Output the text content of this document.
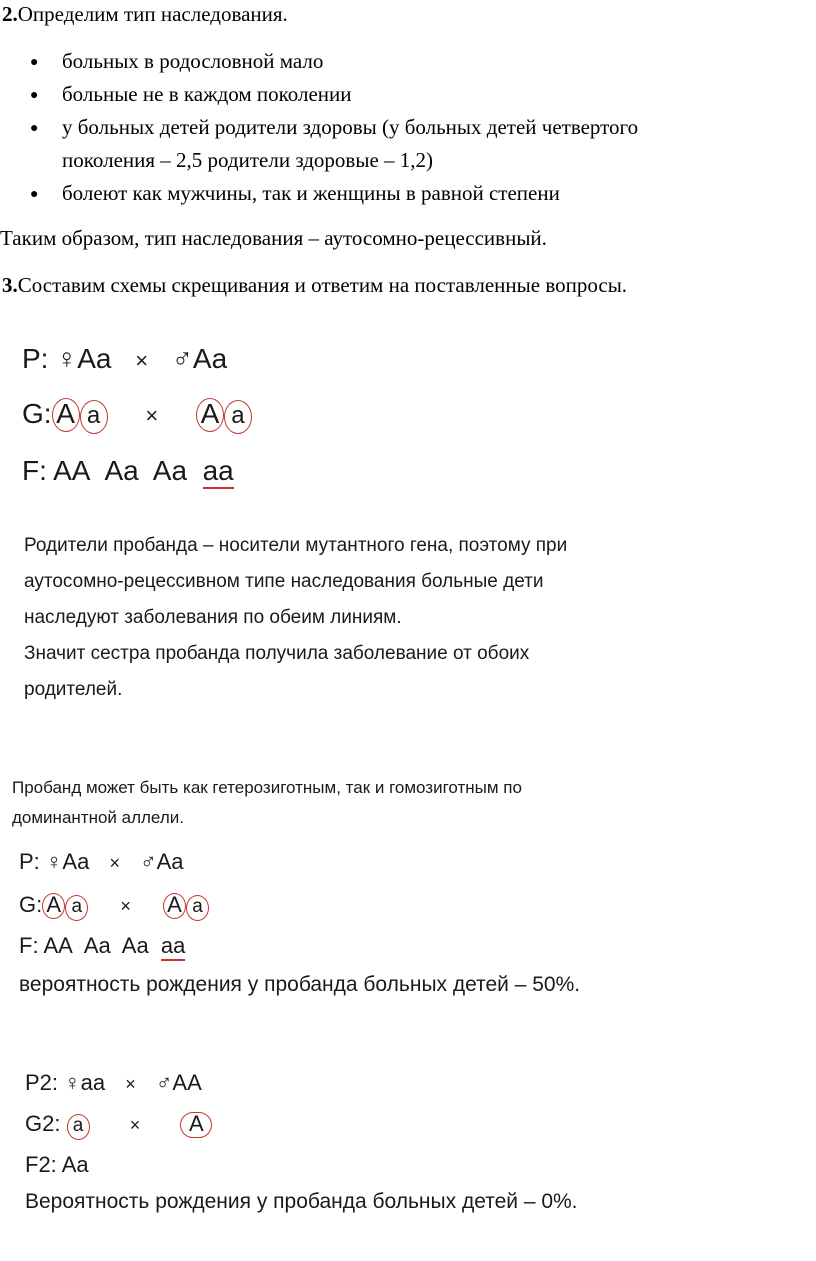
2.Определим тип наследования.
● больных в родословной мало
● больные не в каждом поколении
● у больных детей родители здоровы (у больных детей четвертого
поколения – 2,5 родители здоровые – 1,2)
● болеют как мужчины, так и женщины в равной степени
Таким образом, тип наследования – аутосомно-рецессивный.
3.Составим схемы скрещивания и ответим на поставленные вопросы.
P: ♀Aa × ♂Aa
G: A a × A a
F: AA Aa Aa aa
Родители пробанда – носители мутантного гена, поэтому при
аутосомно-рецессивном типе наследования больные дети
наследуют заболевания по обеим линиям.
Значит сестра пробанда получила заболевание от обоих
родителей.
Пробанд может быть как гетерозиготным, так и гомозиготным по
доминантной аллели.
P: ♀Aa × ♂Aa
G: A a × A a
F: AA Aa Aa aa
вероятность рождения у пробанда больных детей – 50%.
P2: ♀aa × ♂AA
G2: a	× A
F2: Aa
Вероятность рождения у пробанда больных детей – 0%.
